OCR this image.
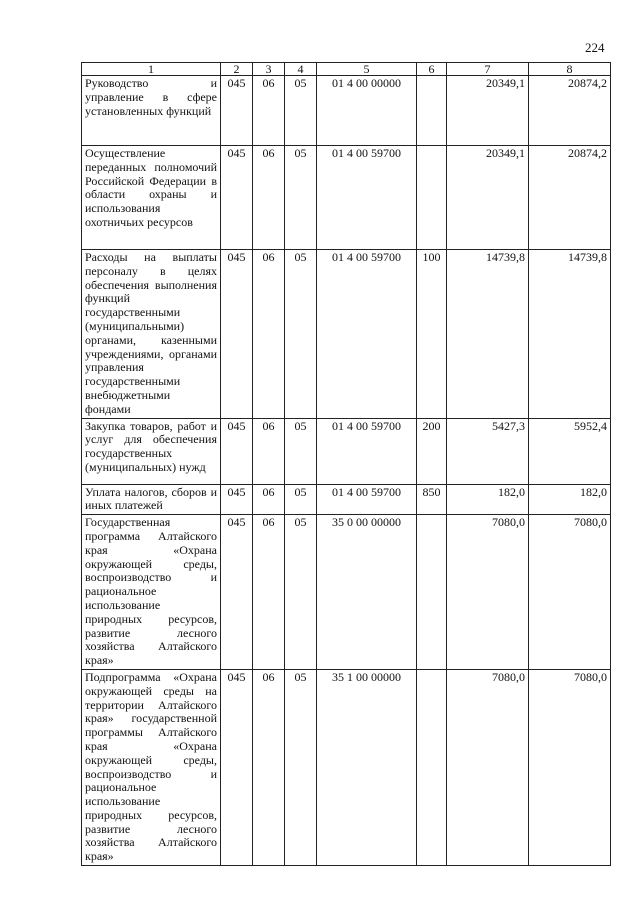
224
1	2	3	4	5	6	7	8
Руководство и управление в сфере установленных функций	045	06	05	01 4 00 00000		20349,1	20874,2
Осуществление переданных полномочий Российской Федерации в области охраны и использования охотничьих ресурсов	045	06	05	01 4 00 59700		20349,1	20874,2
Расходы на выплаты персоналу в целях обеспечения выполнения функций государственными (муниципальными) органами, казенными учреждениями, органами управления государственными внебюджетными фондами	045	06	05	01 4 00 59700	100	14739,8	14739,8
Закупка товаров, работ и услуг для обеспечения государственных (муниципальных) нужд	045	06	05	01 4 00 59700	200	5427,3	5952,4
Уплата налогов, сборов и иных платежей	045	06	05	01 4 00 59700	850	182,0	182,0
Государственная программа Алтайского края «Охрана окружающей среды, воспроизводство и рациональное использование природных ресурсов, развитие лесного хозяйства Алтайского края»	045	06	05	35 0 00 00000		7080,0	7080,0
Подпрограмма «Охрана окружающей среды на территории Алтайского края» государственной программы Алтайского края «Охрана окружающей среды, воспроизводство и рациональное использование природных ресурсов, развитие лесного хозяйства Алтайского края»	045	06	05	35 1 00 00000		7080,0	7080,0
